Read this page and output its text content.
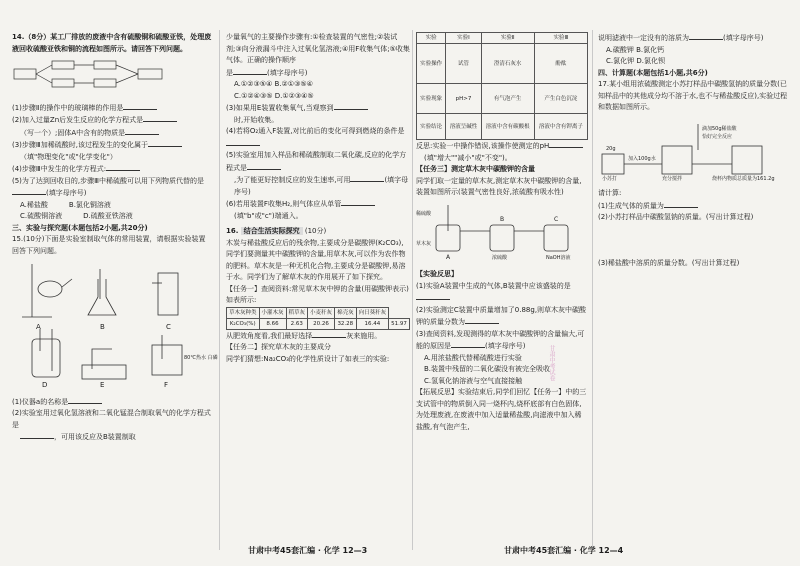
14.（8分）某工厂排放的废液中含有硫酸铜和硫酸亚铁，处理废液回收硫酸亚铁和铜的流程如图所示。请回答下列问题。

(1)步骤Ⅱ的操作中的玻璃棒的作用是

(2)加入过量Zn后发生反应的化学方程式是

（写一个）;固体A中含有的物质是

(3)步骤Ⅲ加稀硫酸时,该过程发生的变化属于

（填"物理变化"或"化学变化"）

(4)步骤Ⅲ中发生的化学方程式:

(5)为了达到回收目的,步骤Ⅲ中稀硫酸可以用下列物质代替的是(填字母序号)

A.稀盐酸　　　	B.氯化铜溶液

C.硫酸铜溶液　　　	D.硫酸亚铁溶液

三、实验与探究题(本题包括2小题,共20分)

15.(10分)下面是实验室制取气体的常用装置，请根据实验装置回答下列问题。

A	B	C
D	E	F
80℃热水 白磷

(1)仪器a的名称是

(2)实验室用过氧化氢溶液和二氧化锰混合制取氧气的化学方程式是

，可用该反应及B装置制取

少量氧气的主要操作步骤有:①检查装置的气密性;②装试剂;③向分液漏斗中注入过氧化氢溶液;④用F收集气体;⑤收集气体。正确的操作顺序

是	(填字母序号)

A.①②③⑤④ B.②①③⑤④

C.①②④③⑤ D.①②③④⑤

(3)如果用E装置收集氧气,当观察到

时,开始收集。

(4)若将O₂通入F装置,对比前后的变化可得到燃烧的条件是

(5)实验室用加入样品和稀硫酸制取二氧化碳,反应的化学方程式是

,为了能更好控制反应的发生速率,可用	(填字母序号)

(6)若用装置F收集H₂,则气体应从单管

(填"b"或"c")端通入。

16. 结合生活实际探究 (10分)

木炭与稀盐酸反应后的残余物,主要成分是碳酸钾(K₂CO₃),同学们要测量其中碳酸钾的含量,用草木灰,可以作为农作物的肥料。草木灰是一种无机化合物,主要成分是碳酸钾,易溶于水。同学们为了解草木灰的作用展开了如下探究。

【任务一】查阅资料:常见草木灰中钾的含量(用碳酸钾表示)如表所示:

草木灰种类	小灌木灰	稻草灰	小麦秆灰	棉壳灰	向日葵秆灰	
K₂CO₃(%)	8.66	2.63	20.26	32.28	16.44	51.97

从肥效角度看,我们最好选择	灰来施用。

【任务二】探究草木灰的主要成分

同学们猜想:Na₂CO₃的化学性质设计了如表三的实验:

实验	实验Ⅰ	实验Ⅱ	实验Ⅲ
实验操作	试管	澄清石灰水	酚酞
实验现象	pH>7	有气泡产生	产生白色沉淀
实验结论	溶液呈碱性	溶液中含有碳酸根	溶液中含有钾离子

反思:实验一中操作错误,该操作使测定的pH

(填"增大""减小"或"不变")。

【任务三】测定草木灰中碳酸钾的含量

同学们取一定量的草木灰,测定草木灰中碳酸钾的含量,装置如图所示(装置气密性良好,浓硫酸有吸水性)

稀硫酸
草木灰
浓硫酸	NaOH溶液
A
B	C

【实验反思】

(1)实验A装置中生成的气体,B装置中应该盛装的是

(2)实验测定C装置中质量增加了0.88g,则草木灰中碳酸钾的质量分数为

(3)查阅资料,发现测得的草木灰中碳酸钾的含量偏大,可能的原因是	(填字母序号)

A.用浓盐酸代替稀硫酸进行实验

B.装置中残留的二氧化碳没有被完全吸收

C.氢氧化钠溶液与空气直接接触

【拓展反思】实验结束后,同学们回忆【任务一】中的三支试管中的物质倒入同一烧杯内,烧杯底部有白色固体,为处理废液,在废液中加入适量稀盐酸,向滤液中加入稀盐酸,有气泡产生,

说明滤液中一定没有的溶质为	(填字母序号)

A.碳酸钾 B.氯化钙

C.氯化钾 D.氯化钡

四、计算题(本题包括1小题,共6分)

17.某小组用浓硫酸测定小苏打样品中碳酸氢钠的质量分数(已知样品中的其他成分均不溶于水,也不与稀盐酸反应),实验过程和数据如图所示。

加入100g水
滴加50g稀盐酸
恰好完全反应
20g
小苏打	充分搅拌	烧杯内物质总质量为161.2g

请计算:

(1)生成气体的质量为

(2)小苏打样品中碳酸氢钠的质量。(写出计算过程)

(3)稀盐酸中溶质的质量分数。(写出计算过程)

甘肃中考试卷
甘肃中考45套汇编 · 化学 12—3	甘肃中考45套汇编 · 化学 12—4
